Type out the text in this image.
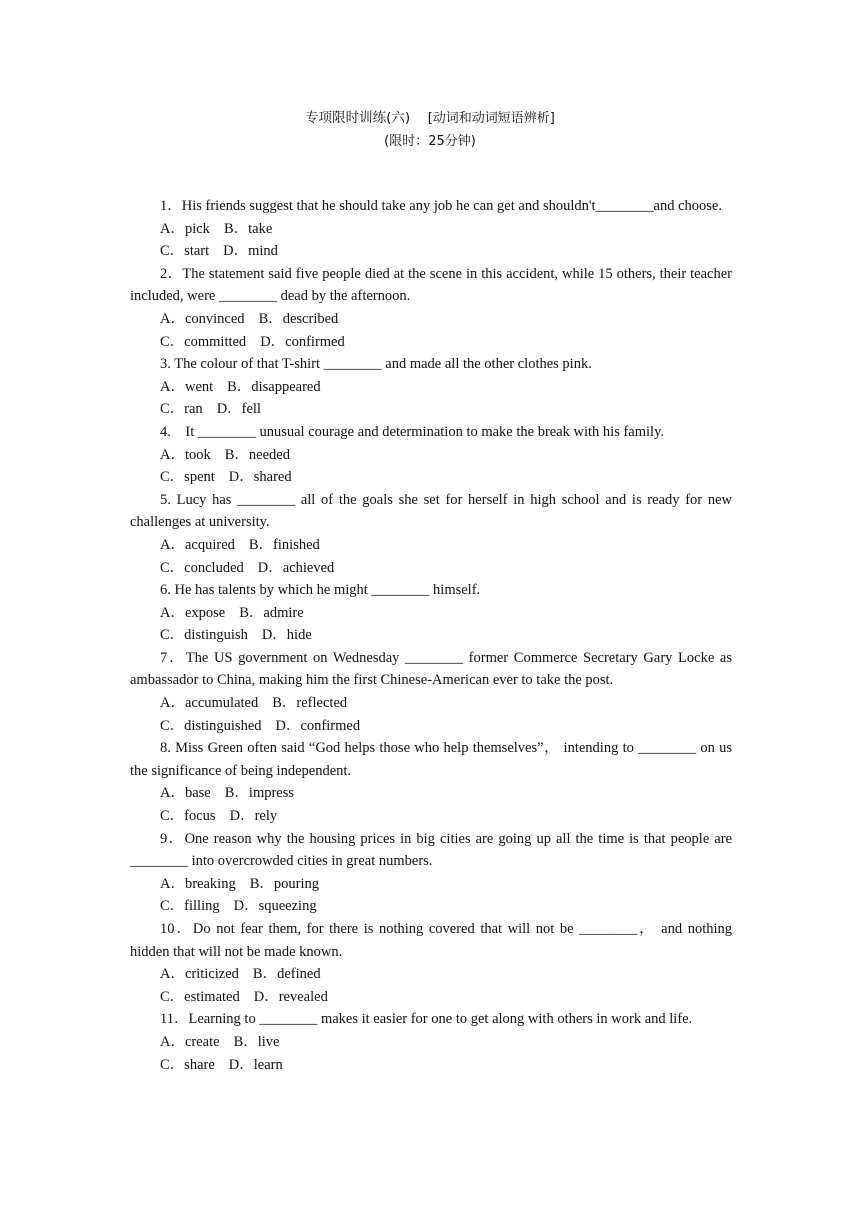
专项限时训练(六) [动词和动词短语辨析]
(限时：25分钟)

1．His friends suggest that he should take any job he can get and shouldn't________and choose.

A．pick B．take

C．start D．mind

2．The statement said five people died at the scene in this accident, while 15 others, their teacher included, were ________ dead by the afternoon.

A．convinced B．described

C．committed D．confirmed

3. The colour of that T-shirt ________ and made all the other clothes pink.

A．went B．disappeared

C．ran D．fell

4.　It ________ unusual courage and determination to make the break with his family.

A．took B．needed

C．spent D．shared

5. Lucy has ________ all of the goals she set for herself in high school and is ready for new challenges at university.

A．acquired B．finished

C．concluded D．achieved

6. He has talents by which he might ________ himself.

A．expose B．admire

C．distinguish D．hide

7．The US government on Wednesday ________ former Commerce Secretary Gary Locke as ambassador to China, making him the first Chinese-American ever to take the post.

A．accumulated B．reflected

C．distinguished D．confirmed

8. Miss Green often said “God helps those who help themselves”， intending to ________ on us the significance of being independent.

A．base B．impress

C．focus D．rely

9．One reason why the housing prices in big cities are going up all the time is that people are ________ into overcrowded cities in great numbers.

A．breaking B．pouring

C．filling D．squeezing

10．Do not fear them, for there is nothing covered that will not be ________， and nothing hidden that will not be made known.

A．criticized B．defined

C．estimated D．revealed

11．Learning to ________ makes it easier for one to get along with others in work and life.

A．create B．live

C．share D．learn
